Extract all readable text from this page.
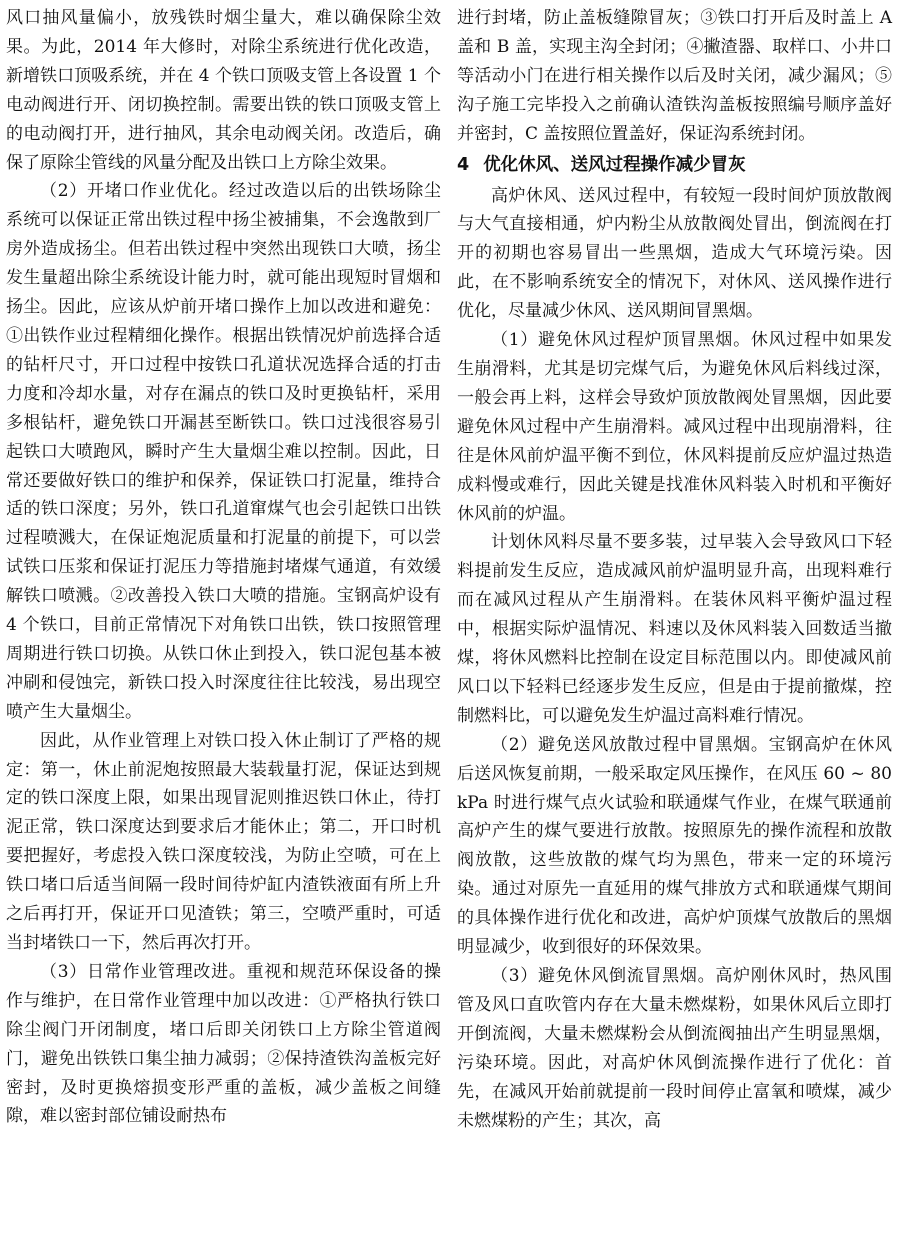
风口抽风量偏小，放残铁时烟尘量大，难以确保除尘效果。为此，2014 年大修时，对除尘系统进行优化改造，新增铁口顶吸系统，并在 4 个铁口顶吸支管上各设置 1 个电动阀进行开、闭切换控制。需要出铁的铁口顶吸支管上的电动阀打开，进行抽风，其余电动阀关闭。改造后，确保了原除尘管线的风量分配及出铁口上方除尘效果。

（2）开堵口作业优化。经过改造以后的出铁场除尘系统可以保证正常出铁过程中扬尘被捕集，不会逸散到厂房外造成扬尘。但若出铁过程中突然出现铁口大喷，扬尘发生量超出除尘系统设计能力时，就可能出现短时冒烟和扬尘。因此，应该从炉前开堵口操作上加以改进和避免：①出铁作业过程精细化操作。根据出铁情况炉前选择合适的钻杆尺寸，开口过程中按铁口孔道状况选择合适的打击力度和冷却水量，对存在漏点的铁口及时更换钻杆，采用多根钻杆，避免铁口开漏甚至断铁口。铁口过浅很容易引起铁口大喷跑风，瞬时产生大量烟尘难以控制。因此，日常还要做好铁口的维护和保养，保证铁口打泥量，维持合适的铁口深度；另外，铁口孔道窜煤气也会引起铁口出铁过程喷溅大，在保证炮泥质量和打泥量的前提下，可以尝试铁口压浆和保证打泥压力等措施封堵煤气通道，有效缓解铁口喷溅。②改善投入铁口大喷的措施。宝钢高炉设有 4 个铁口，目前正常情况下对角铁口出铁，铁口按照管理周期进行铁口切换。从铁口休止到投入，铁口泥包基本被冲刷和侵蚀完，新铁口投入时深度往往比较浅，易出现空喷产生大量烟尘。

因此，从作业管理上对铁口投入休止制订了严格的规定：第一，休止前泥炮按照最大装载量打泥，保证达到规定的铁口深度上限，如果出现冒泥则推迟铁口休止，待打泥正常，铁口深度达到要求后才能休止；第二，开口时机要把握好，考虑投入铁口深度较浅，为防止空喷，可在上铁口堵口后适当间隔一段时间待炉缸内渣铁液面有所上升之后再打开，保证开口见渣铁；第三，空喷严重时，可适当封堵铁口一下，然后再次打开。

（3）日常作业管理改进。重视和规范环保设备的操作与维护，在日常作业管理中加以改进：①严格执行铁口除尘阀门开闭制度，堵口后即关闭铁口上方除尘管道阀门，避免出铁铁口集尘抽力减弱；②保持渣铁沟盖板完好密封，及时更换熔损变形严重的盖板，减少盖板之间缝隙，难以密封部位铺设耐热布

进行封堵，防止盖板缝隙冒灰；③铁口打开后及时盖上 A 盖和 B 盖，实现主沟全封闭；④撇渣器、取样口、小井口等活动小门在进行相关操作以后及时关闭，减少漏风；⑤沟子施工完毕投入之前确认渣铁沟盖板按照编号顺序盖好并密封，C 盖按照位置盖好，保证沟系统封闭。

4 优化休风、送风过程操作减少冒灰

高炉休风、送风过程中，有较短一段时间炉顶放散阀与大气直接相通，炉内粉尘从放散阀处冒出，倒流阀在打开的初期也容易冒出一些黑烟，造成大气环境污染。因此，在不影响系统安全的情况下，对休风、送风操作进行优化，尽量减少休风、送风期间冒黑烟。

（1）避免休风过程炉顶冒黑烟。休风过程中如果发生崩滑料，尤其是切完煤气后，为避免休风后料线过深，一般会再上料，这样会导致炉顶放散阀处冒黑烟，因此要避免休风过程中产生崩滑料。减风过程中出现崩滑料，往往是休风前炉温平衡不到位，休风料提前反应炉温过热造成料慢或难行，因此关键是找准休风料装入时机和平衡好休风前的炉温。

计划休风料尽量不要多装，过早装入会导致风口下轻料提前发生反应，造成减风前炉温明显升高，出现料难行而在减风过程从产生崩滑料。在装休风料平衡炉温过程中，根据实际炉温情况、料速以及休风料装入回数适当撤煤，将休风燃料比控制在设定目标范围以内。即使减风前风口以下轻料已经逐步发生反应，但是由于提前撤煤，控制燃料比，可以避免发生炉温过高料难行情况。

（2）避免送风放散过程中冒黑烟。宝钢高炉在休风后送风恢复前期，一般采取定风压操作，在风压 60 ~ 80kPa 时进行煤气点火试验和联通煤气作业，在煤气联通前高炉产生的煤气要进行放散。按照原先的操作流程和放散阀放散，这些放散的煤气均为黑色，带来一定的环境污染。通过对原先一直延用的煤气排放方式和联通煤气期间的具体操作进行优化和改进，高炉炉顶煤气放散后的黑烟明显减少，收到很好的环保效果。

（3）避免休风倒流冒黑烟。高炉刚休风时，热风围管及风口直吹管内存在大量未燃煤粉，如果休风后立即打开倒流阀，大量未燃煤粉会从倒流阀抽出产生明显黑烟，污染环境。因此，对高炉休风倒流操作进行了优化：首先，在减风开始前就提前一段时间停止富氧和喷煤，减少未燃煤粉的产生；其次，高
